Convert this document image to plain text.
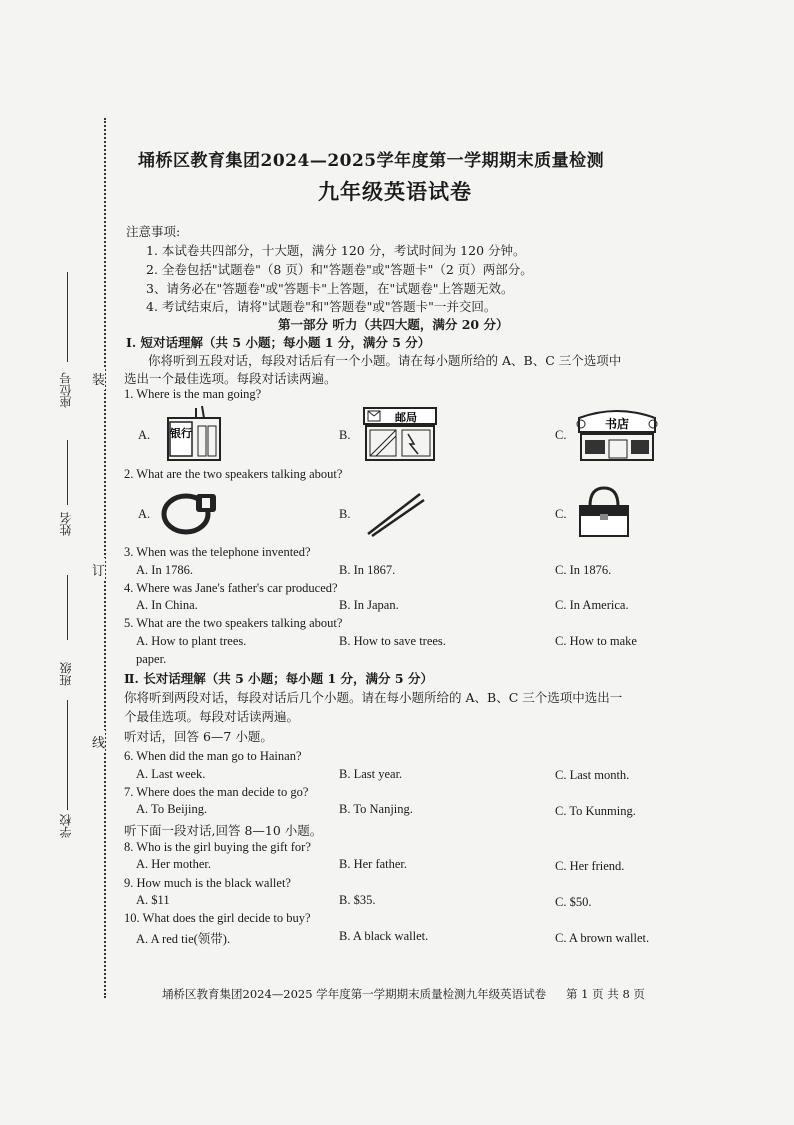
装
订
线
座位号
姓名
班级
学校
埇桥区教育集团2024—2025学年度第一学期期末质量检测
九年级英语试卷
注意事项:
1. 本试卷共四部分，十大题，满分 120 分，考试时间为 120 分钟。
2. 全卷包括"试题卷"（8 页）和"答题卷"或"答题卡"（2 页）两部分。
3、请务必在"答题卷"或"答题卡"上答题，在"试题卷"上答题无效。
4. 考试结束后，请将"试题卷"和"答题卷"或"答题卡"一并交回。
第一部分 听力（共四大题，满分 20 分）
Ⅰ. 短对话理解（共 5 小题；每小题 1 分，满分 5 分）
你将听到五段对话，每段对话后有一个小题。请在每小题所给的 A、B、C 三个选项中
选出一个最佳选项。每段对话读两遍。
1. Where is the man going?
A.	B.	C.
银行
邮局	书店
2. What are the two speakers talking about?
A.	B.	C.
3. When was the telephone invented?
A. In 1786.	B. In 1867.	C. In 1876.
4. Where was Jane's father's car produced?
A. In China.	B. In Japan.	C. In America.
5. What are the two speakers talking about?
A. How to plant trees.	B. How to save trees.	C. How to make
paper.
Ⅱ. 长对话理解（共 5 小题；每小题 1 分，满分 5 分）
你将听到两段对话，每段对话后几个小题。请在每小题所给的 A、B、C 三个选项中选出一
个最佳选项。每段对话读两遍。
听对话，回答 6—7 小题。
6. When did the man go to Hainan?
A. Last week.	B. Last year.	C. Last month.
7. Where does the man decide to go?
A. To Beijing.	B. To Nanjing.	C. To Kunming.
听下面一段对话,回答 8—10 小题。
8. Who is the girl buying the gift for?
A. Her mother.	B. Her father.	C. Her friend.
9. How much is the black wallet?
A. $11	B. $35.	C. $50.
10. What does the girl decide to buy?
A. A red tie(领带).	B. A black wallet.	C. A brown wallet.
埇桥区教育集团2024—2025 学年度第一学期期末质量检测九年级英语试卷 第 1 页 共 8 页
